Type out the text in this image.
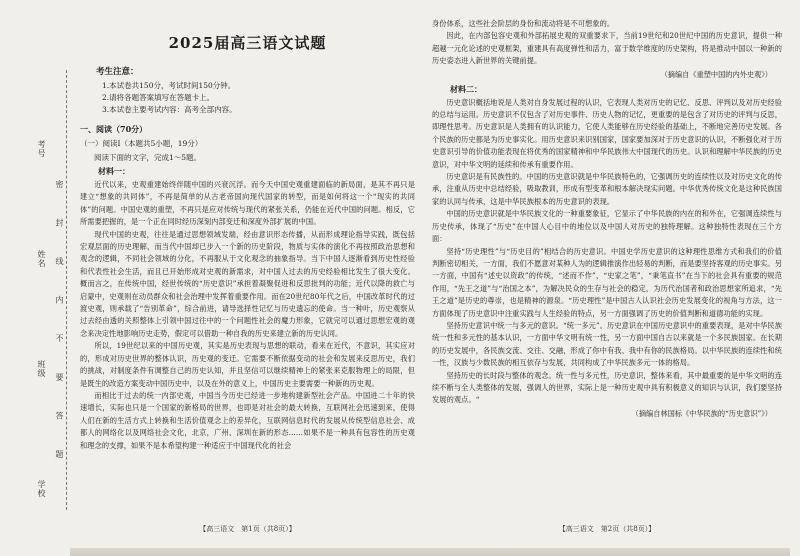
考号
姓名
班级
学校
密 封 线 内 不 要 答 题
2025届高三语文试题
考生注意：
1.本试卷共150分，考试时间150分钟。
2.请将各题答案填写在答题卡上。
3.本试卷主要考试内容：高考全部内容。
一、阅读（70分）
（一）阅读Ⅰ（本题共5小题，19分）
阅读下面的文字，完成1～5题。
材料一：

近代以来，史观重建始终伴随中国的兴衰沉浮。而今天中国史观重建面临的新局面，是其不再只是建立“想象的共同体”，不再是简单的从古老帝国向现代国家的转型，而是如何将这一个“现实的共同体”的问题。中国史观的重塑，不再只是应对传统与现代的紧张关系，仍能在近代中国的问题。相反，它所需要把握的，是一个正在同时经历深刻内部变迁和深度外部扩展的中国。

现代中国的史观，往往是通过思想领域发端，经由意识形态传播，从而形成理论指导实践，既包括宏观层面的历史理解，而当代中国却已步入一个新的历史阶段，物质与实体的演化不再按照政治思想和观念的逻辑，不同社会领域的分化，不再服从于文化观念的抽象指导。当下中国人逐渐看到历史性经验和代表性社会生活，而且已开始形成对史观的新需求，对中国人过去的历史经验相比发生了很大变化。概而言之，在传统中国，经世传统的“历史意识”承担着凝聚促进和反思批判的功能；近代以降的救亡与启蒙中，史观则在动员群众和社会治理中发挥着重要作用。而在20世纪80年代之后，中国改革时代的过渡史观，则承载了“告别革命”，综合前进，请导选择性记忆与历史遗忘的使命。当一种叶，历史观察从过去经由透的关照整体上引领中国过往中的一个问题性社会的魔力形象，它就完可以通过思想宏观的观念来决定性地影响历史走势，假定可以借助一种自我的历史来建立新的历史认同。

所以，19世纪以来的中国历史观，其实是历史表现与思想的联动，看来在近代，不意识，其实应对的，形成对历史世界的整体认识，历史观的变迁。它需要不断依据变动的社会和发展来反思历史，我们的挑战，对制度条件有调整自己的历史认知，并且坚信可以继续精神上的紧张来克服物理上的局限，但是既生的改造方案变动中国历史中，以及在外的意义上，中国历史主要需要一种新的历史观。

而相比于过去的统一内部史观，中国当今历史已经进一步地构建新型社会产品。中国进二十年的快速增长，实际也只是一个国家的新格局的世界，也即是对社会的最大转换，互联网社会迅速到来，使得人们在新的生活方式上转换和生活价值观念上的差异化，互联网信息时代的发展从传统型信息社会、成都人的网络化以及网络社会文化，北京，广州、深圳在新的形态……如果不是一种具有包容性的历史观和理念的支撑，如果不是本希望构建一种适应于中国现代化的社会

【高三语文　第1页（共8页）】

身份体系，这些社会阶层的身份和流动将是不可想象的。

因此，在内部包容史观和外部拓展史观的双重要求下，当前19世纪和20世纪中国的历史意识，提供一种超越一元化论述的史观框架，重建具有高度弹性和活力，富于数学维度的历史架构，将是推动中国以一种新的历史姿态进入新世界的关键前提。

（摘编自《重塑中国的内外史观》）
材料二：

历史意识概括地说是人类对自身发展过程的认识，它表现人类对历史的记忆、反思、评判以及对历史经验的总结与运用。历史意识不仅包含了对历史事件、历史人物的记忆，更重要的是包含了对历史的评判与反思，即理性思考。历史意识是人类拥有的认识能力，它使人类能够在历史经验的基础上，不断地完善历史发展。各个民族的历史都是为历史事实化。用历史意识来识别国家，国家要加深对于历史意识的认识，不断强化对于历史意识引导的价值功能表现在将优秀的国家精神和中华民族伟大中国现代的历史。认识和理解中华民族的历史意识，对中华文明的延续和传承有重要作用。

历史意识是有民族性的。中国的历史意识就是中华民族特色的，它强调历史的连续性以及对历史文化的传承，注重从历史中总结经验，吸取教训，形成有型变革和根本解决现实问题。中华优秀传统文化是这种民族国家的认同与传承，这是中华民族根本的历史意识的表现。

中国的历史意识就是中华民族文化的一种重要象征，它显示了中华民族的内在的和外在，它强调连续性与历史传承，体现了“历史”在中国人心目中的地位以及中国人对历史的独特理解。这种独特性表现在三个方面：

坚持“历史理性”与“历史目的”相结合的历史意识。中国史学历史意识的这种理性思维方式和我们的价值判断密切相关，一方面，我们不愿意对某种人为的逻辑推演作出轻易的判断，而是要坚持客观的历史事实。另一方面，中国有“述史以资政”的传统，“述而不作”，“史家之笔”，“秉笔直书”在当下的社会具有重要的规范作用，“先王之道”与“治国之本”，为解决民众的生存与社会的稳定，为历代治国者和政治思想家所追求，“先王之道”是历史的尊崇，也是精神的源泉。“历史理性”是中国古人认识社会历史发展变化的视角与方法，这一方面体现了历史意识中注重实践与人生经验的特点，另一方面强调了历史的价值判断和道德功能的实现。

坚持历史意识中统一与多元的意识。“统一多元”。历史意识在中国历史意识中的重要表现，是对中华民族统一性和多元性的基本认识，一方面中华文明有统一性，另一方面中国自古以来就是一个多民族国家。在长期的历史发展中，各民族交流、交往、交融，形成了你中有我、我中有你的民族格局。以中华民族的连续性和统一性，汉族与少数民族的相互依存与发展，共同构成了中华民族多元一体的格局。

坚持历史的长时段与整体的观念。统一性与多元性，历史意识，整体来看，其中最重要的是中华文明的连续不断与全人类整体的发展，强调人的世界，实际上是一种历史观中具有积极意义的知识与认识，我们要坚持发展的观点。“

（摘编自林国标《中华民族的“历史意识”》）
【高三语文　第2页（共8页）】
